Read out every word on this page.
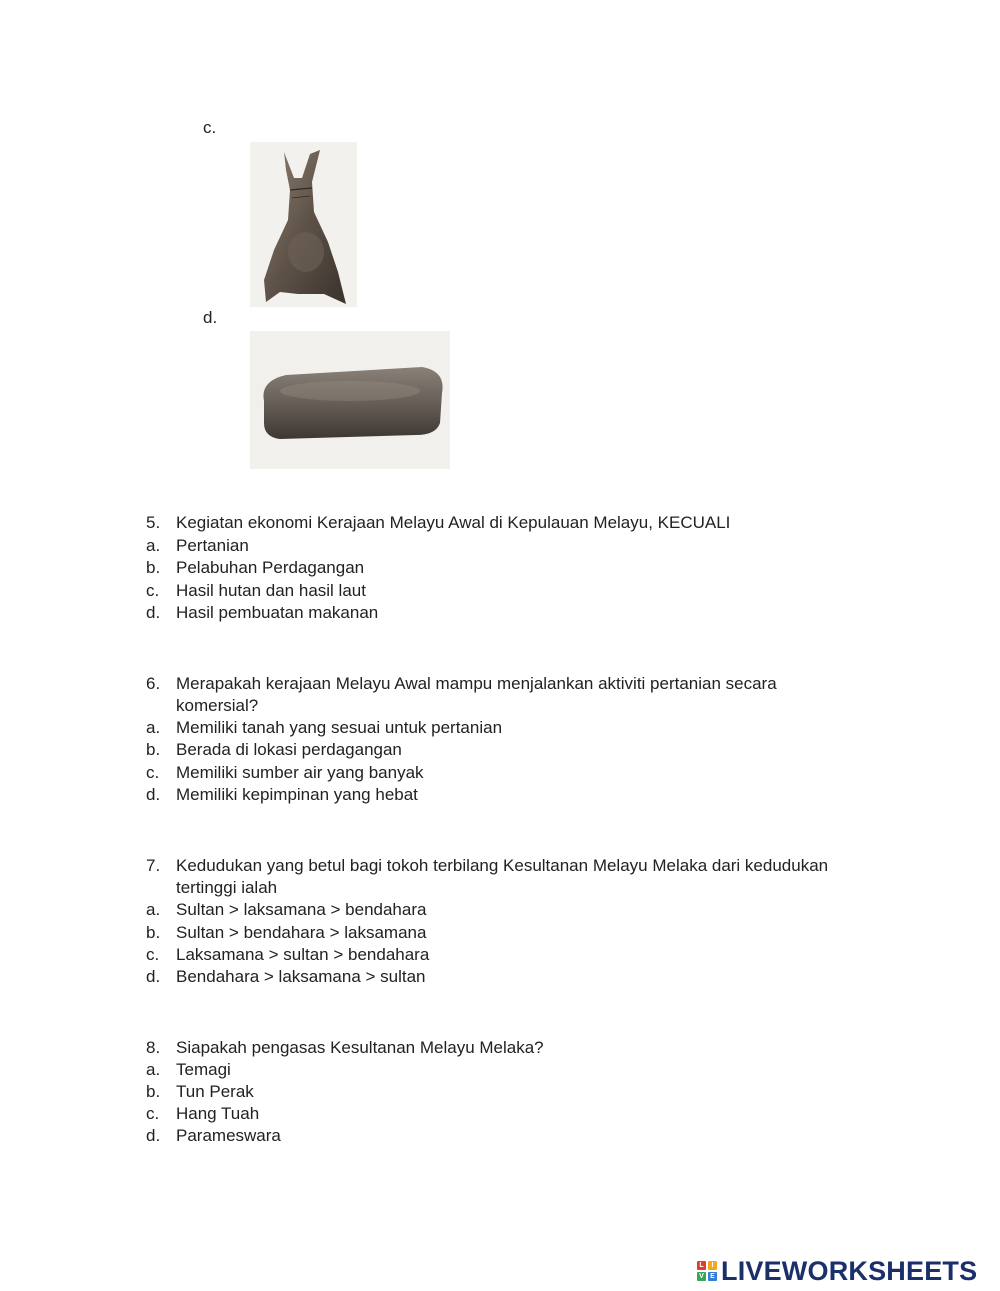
c.
d.
5. Kegiatan ekonomi Kerajaan Melayu Awal di Kepulauan Melayu, KECUALI
a. Pertanian
b. Pelabuhan Perdagangan
c. Hasil hutan dan hasil laut
d. Hasil pembuatan makanan
6. Merapakah kerajaan Melayu Awal mampu menjalankan aktiviti pertanian secara
komersial?
a. Memiliki tanah yang sesuai untuk pertanian
b. Berada di lokasi perdagangan
c. Memiliki sumber air yang banyak
d. Memiliki kepimpinan yang hebat
7. Kedudukan yang betul bagi tokoh terbilang Kesultanan Melayu Melaka dari kedudukan
tertinggi ialah
a. Sultan > laksamana > bendahara
b. Sultan > bendahara > laksamana
c. Laksamana > sultan > bendahara
d. Bendahara > laksamana > sultan
8. Siapakah pengasas Kesultanan Melayu Melaka?
a. Temagi
b. Tun Perak
c. Hang Tuah
d. Parameswara
L	I
V E LIVEWORKSHEETS
